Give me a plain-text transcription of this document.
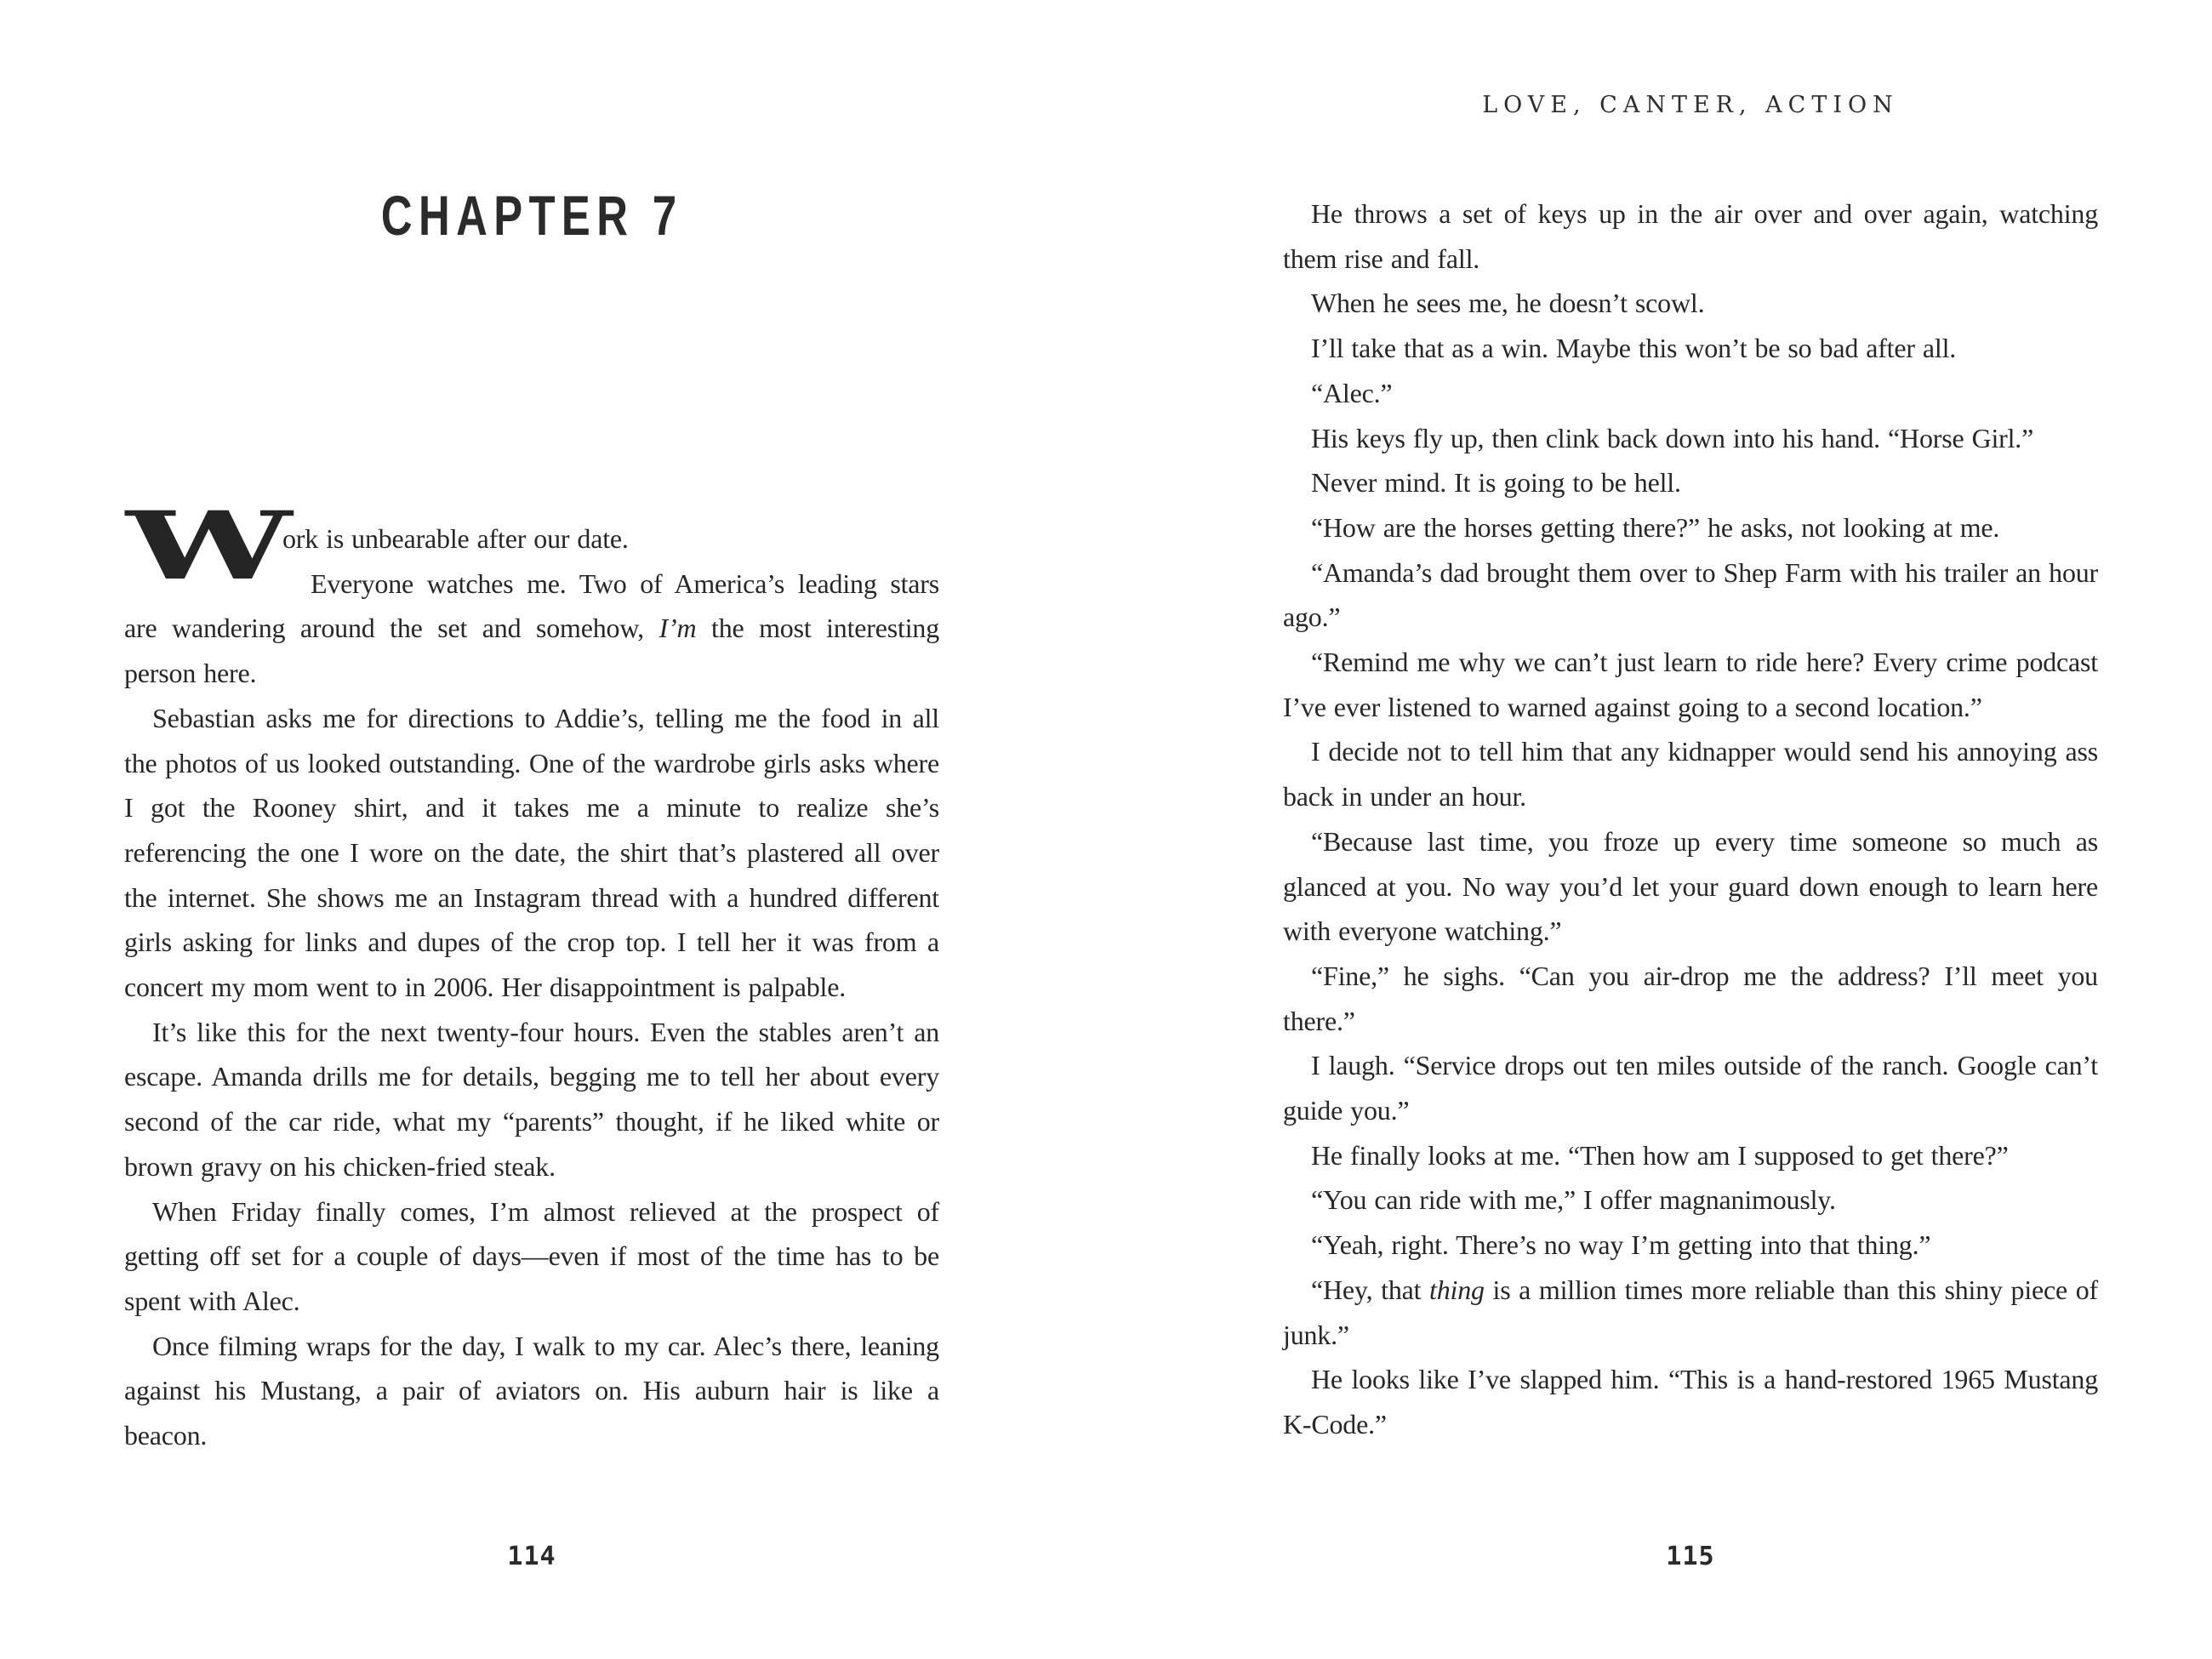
CHAPTER 7
W

ork is unbearable after our date.

Everyone watches me. Two of America’s leading stars are wandering around the set and somehow, I’m the most interesting person here.

Sebastian asks me for directions to Addie’s, telling me the food in all the photos of us looked outstanding. One of the wardrobe girls asks where I got the Rooney shirt, and it takes me a minute to realize she’s referencing the one I wore on the date, the shirt that’s plastered all over the internet. She shows me an Instagram thread with a hundred different girls asking for links and dupes of the crop top. I tell her it was from a concert my mom went to in 2006. Her disappointment is palpable.

It’s like this for the next twenty-four hours. Even the stables aren’t an escape. Amanda drills me for details, begging me to tell her about every second of the car ride, what my “parents” thought, if he liked white or brown gravy on his chicken-fried steak.

When Friday finally comes, I’m almost relieved at the prospect of getting off set for a couple of days—even if most of the time has to be spent with Alec.

Once filming wraps for the day, I walk to my car. Alec’s there, leaning against his Mustang, a pair of aviators on. His auburn hair is like a beacon.

114
LOVE, CANTER, ACTION

He throws a set of keys up in the air over and over again, watching them rise and fall.

When he sees me, he doesn’t scowl.

I’ll take that as a win. Maybe this won’t be so bad after all.

“Alec.”

His keys fly up, then clink back down into his hand. “Horse Girl.”

Never mind. It is going to be hell.

“How are the horses getting there?” he asks, not looking at me.

“Amanda’s dad brought them over to Shep Farm with his trailer an hour ago.”

“Remind me why we can’t just learn to ride here? Every crime podcast I’ve ever listened to warned against going to a second location.”

I decide not to tell him that any kidnapper would send his annoying ass back in under an hour.

“Because last time, you froze up every time someone so much as glanced at you. No way you’d let your guard down enough to learn here with everyone watching.”

“Fine,” he sighs. “Can you air-drop me the address? I’ll meet you there.”

I laugh. “Service drops out ten miles outside of the ranch. Google can’t guide you.”

He finally looks at me. “Then how am I supposed to get there?”

“You can ride with me,” I offer magnanimously.

“Yeah, right. There’s no way I’m getting into that thing.”

“Hey, that thing is a million times more reliable than this shiny piece of junk.”

He looks like I’ve slapped him. “This is a hand-restored 1965 Mustang K-Code.”

115
